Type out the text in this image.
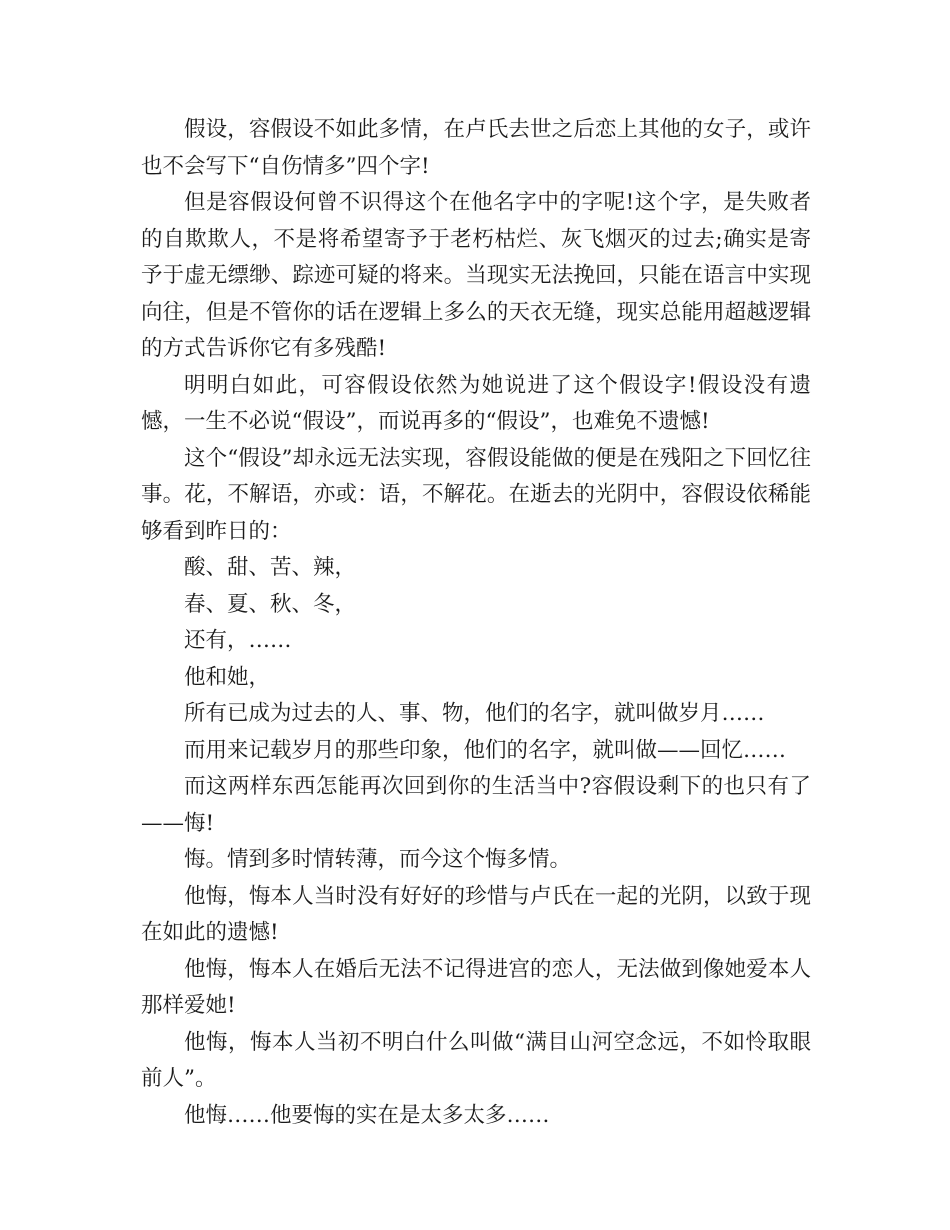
假设，容假设不如此多情，在卢氏去世之后恋上其他的女子，或许也不会写下“自伤情多”四个字!

但是容假设何曾不识得这个在他名字中的字呢!这个字，是失败者的自欺欺人，不是将希望寄予于老朽枯烂、灰飞烟灭的过去;确实是寄予于虚无缥缈、踪迹可疑的将来。当现实无法挽回，只能在语言中实现向往，但是不管你的话在逻辑上多么的天衣无缝，现实总能用超越逻辑的方式告诉你它有多残酷!

明明白如此，可容假设依然为她说进了这个假设字!假设没有遗憾，一生不必说“假设”，而说再多的“假设”，也难免不遗憾!

这个“假设”却永远无法实现，容假设能做的便是在残阳之下回忆往事。花，不解语，亦或：语，不解花。在逝去的光阴中，容假设依稀能够看到昨日的：

酸、甜、苦、辣，

春、夏、秋、冬，

还有，……

他和她，

所有已成为过去的人、事、物，他们的名字，就叫做岁月……

而用来记载岁月的那些印象，他们的名字，就叫做——回忆……

而这两样东西怎能再次回到你的生活当中?容假设剩下的也只有了——悔!

悔。情到多时情转薄，而今这个悔多情。

他悔，悔本人当时没有好好的珍惜与卢氏在一起的光阴，以致于现在如此的遗憾!

他悔，悔本人在婚后无法不记得进宫的恋人，无法做到像她爱本人那样爱她!

他悔，悔本人当初不明白什么叫做“满目山河空念远，不如怜取眼前人”。

他悔……他要悔的实在是太多太多……
